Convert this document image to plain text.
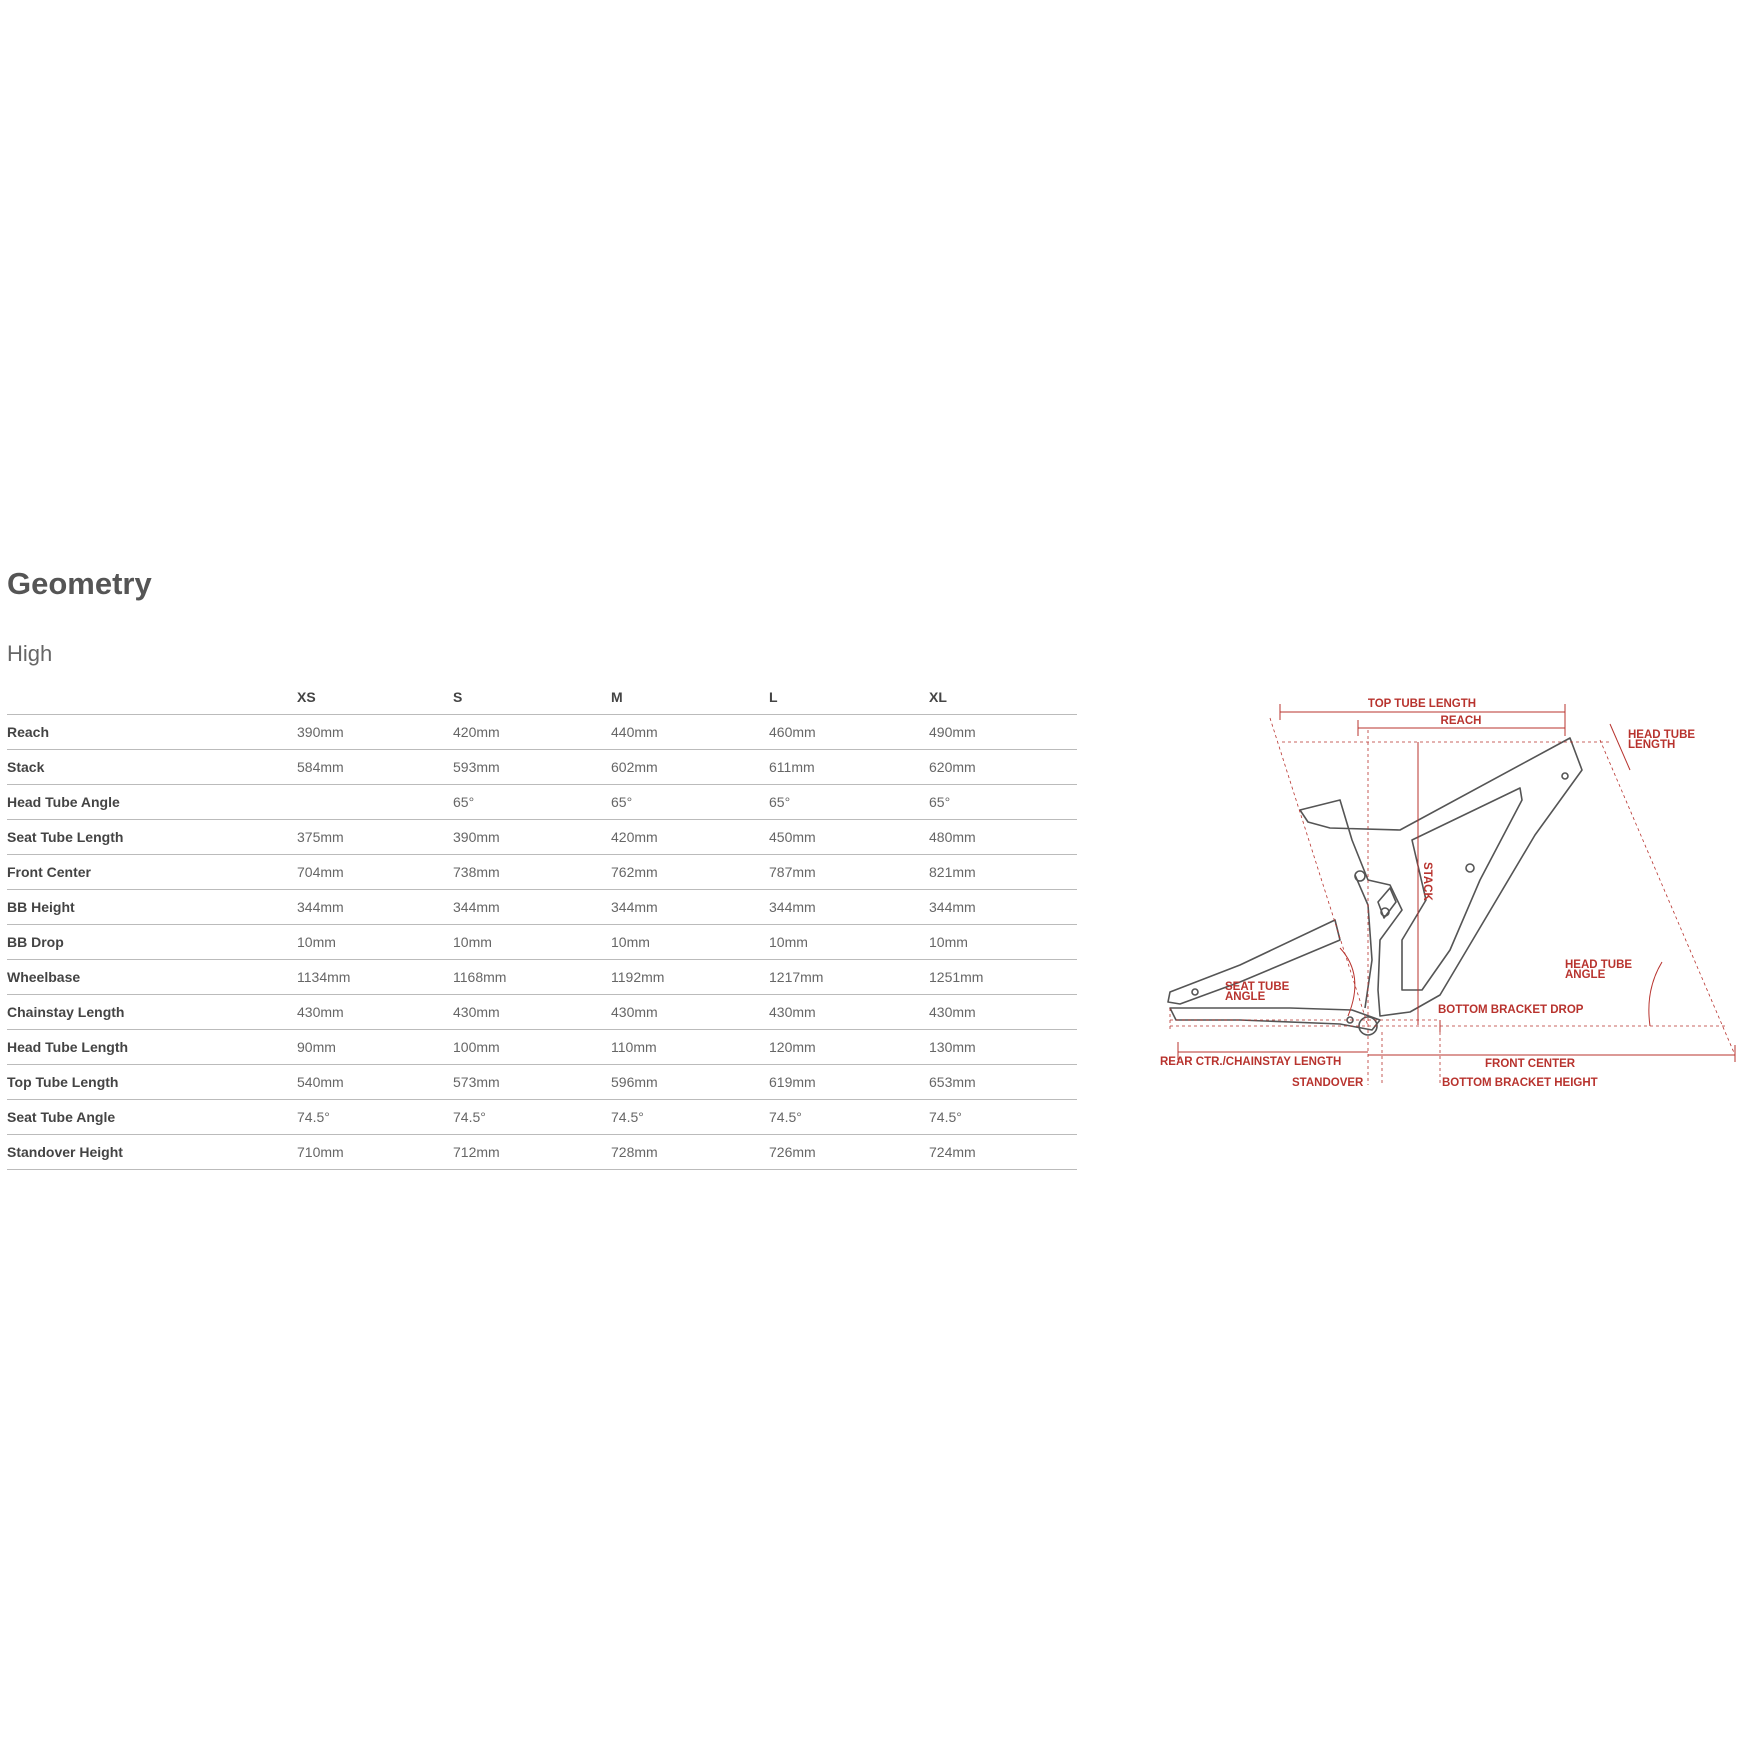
Geometry
High
	XS	S	M	L	XL
Reach	390mm	420mm	440mm	460mm	490mm
Stack	584mm	593mm	602mm	611mm	620mm
Head Tube Angle		65°	65°	65°	65°
Seat Tube Length	375mm	390mm	420mm	450mm	480mm
Front Center	704mm	738mm	762mm	787mm	821mm
BB Height	344mm	344mm	344mm	344mm	344mm
BB Drop	10mm	10mm	10mm	10mm	10mm
Wheelbase	1134mm	1168mm	1192mm	1217mm	1251mm
Chainstay Length	430mm	430mm	430mm	430mm	430mm
Head Tube Length	90mm	100mm	110mm	120mm	130mm
Top Tube Length	540mm	573mm	596mm	619mm	653mm
Seat Tube Angle	74.5°	74.5°	74.5°	74.5°	74.5°
Standover Height	710mm	712mm	728mm	726mm	724mm
TOP TUBE LENGTH
REACH
HEAD TUBE
LENGTH
STACK
SEAT TUBE
ANGLE
HEAD TUBE
ANGLE
BOTTOM BRACKET DROP
REAR CTR./CHAINSTAY LENGTH	FRONT CENTER
STANDOVER	BOTTOM BRACKET HEIGHT
